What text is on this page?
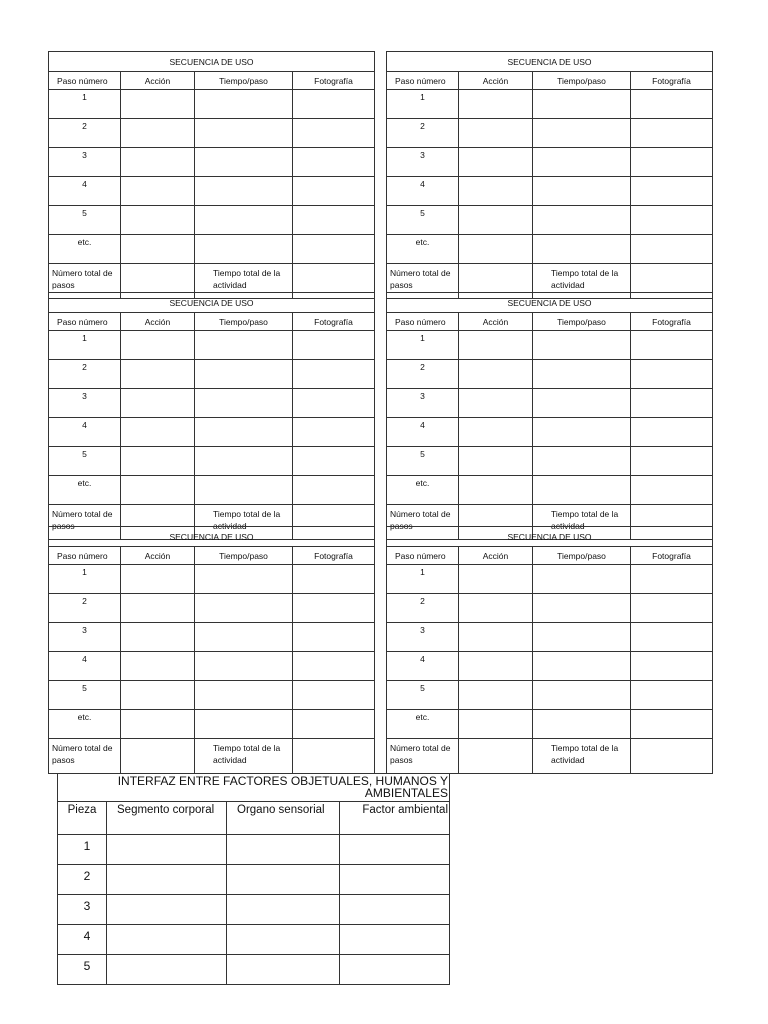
SECUENCIA DE USO			
Paso número	Acción	Tiempo/paso	Fotografía
1			
2			
3			
4			
5			
etc.			
Número total de pasos		Tiempo total de la actividad	
SECUENCIA DE USO			
Paso número	Acción	Tiempo/paso	Fotografía
1			
2			
3			
4			
5			
etc.			
Número total de pasos		Tiempo total de la actividad	
SECUENCIA DE USO			
Paso número	Acción	Tiempo/paso	Fotografía
1			
2			
3			
4			
5			
etc.			
Número total de pasos		Tiempo total de la actividad	
SECUENCIA DE USO			
Paso número	Acción	Tiempo/paso	Fotografía
1			
2			
3			
4			
5			
etc.			
Número total de pasos		Tiempo total de la actividad	
SECUENCIA DE USO			
Paso número	Acción	Tiempo/paso	Fotografía
1			
2			
3			
4			
5			
etc.			
Número total de pasos		Tiempo total de la actividad	
SECUENCIA DE USO			
Paso número	Acción	Tiempo/paso	Fotografía
1			
2			
3			
4			
5			
etc.			
Número total de pasos		Tiempo total de la actividad	
INTERFAZ ENTRE FACTORES OBJETUALES, HUMANOS Y AMBIENTALES			
Pieza	Segmento corporal	Organo sensorial	Factor ambiental
1			
2			
3			
4			
5			
